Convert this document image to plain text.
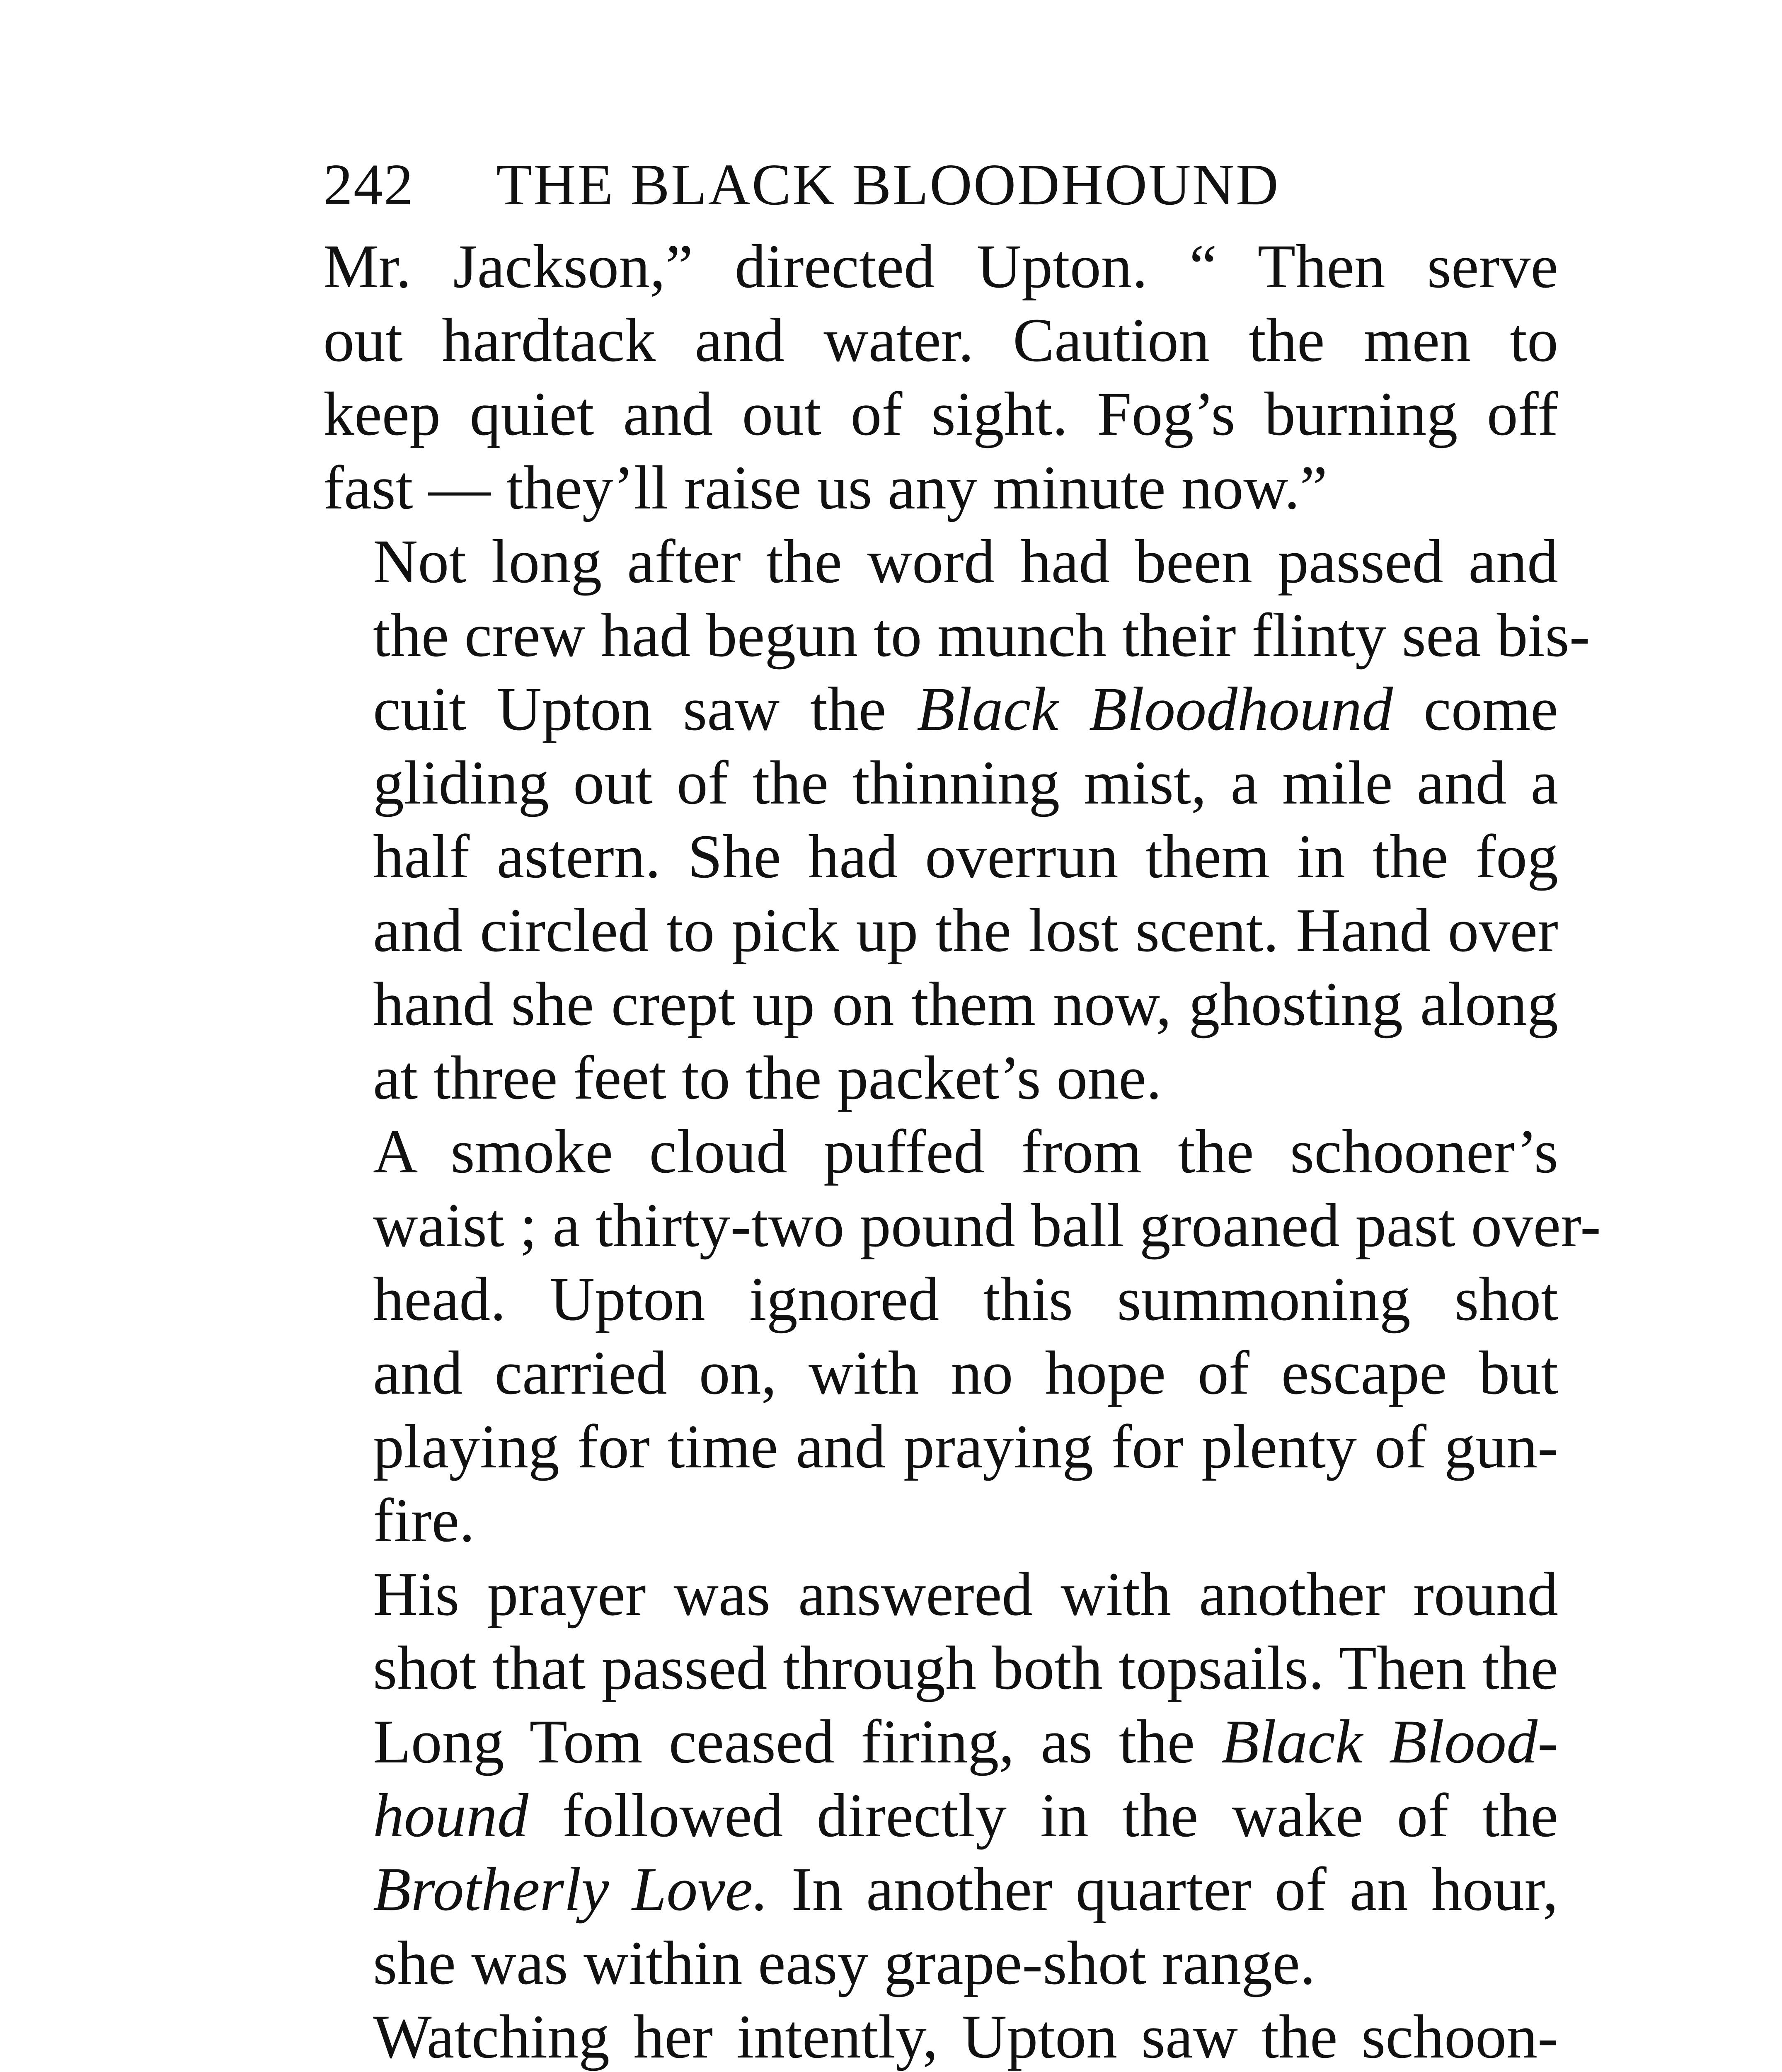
242 THE BLACK BLOODHOUND

Mr. Jackson,” directed Upton. “ Then serve
out hardtack and water. Caution the men to
keep quiet and out of sight. Fog’s burning off
fast — they’ll raise us any minute now.”

Not long after the word had been passed and
the crew had begun to munch their flinty sea bis-
cuit Upton saw the Black Bloodhound come
gliding out of the thinning mist, a mile and a
half astern. She had overrun them in the fog
and circled to pick up the lost scent. Hand over
hand she crept up on them now, ghosting along
at three feet to the packet’s one.

A smoke cloud puffed from the schooner’s
waist ; a thirty-two pound ball groaned past over-
head. Upton ignored this summoning shot
and carried on, with no hope of escape but
playing for time and praying for plenty of gun-
fire.

His prayer was answered with another round
shot that passed through both topsails. Then the
Long Tom ceased firing, as the Black Blood-
hound followed directly in the wake of the
Brotherly Love. In another quarter of an hour,
she was within easy grape-shot range.

Watching her intently, Upton saw the schoon-
